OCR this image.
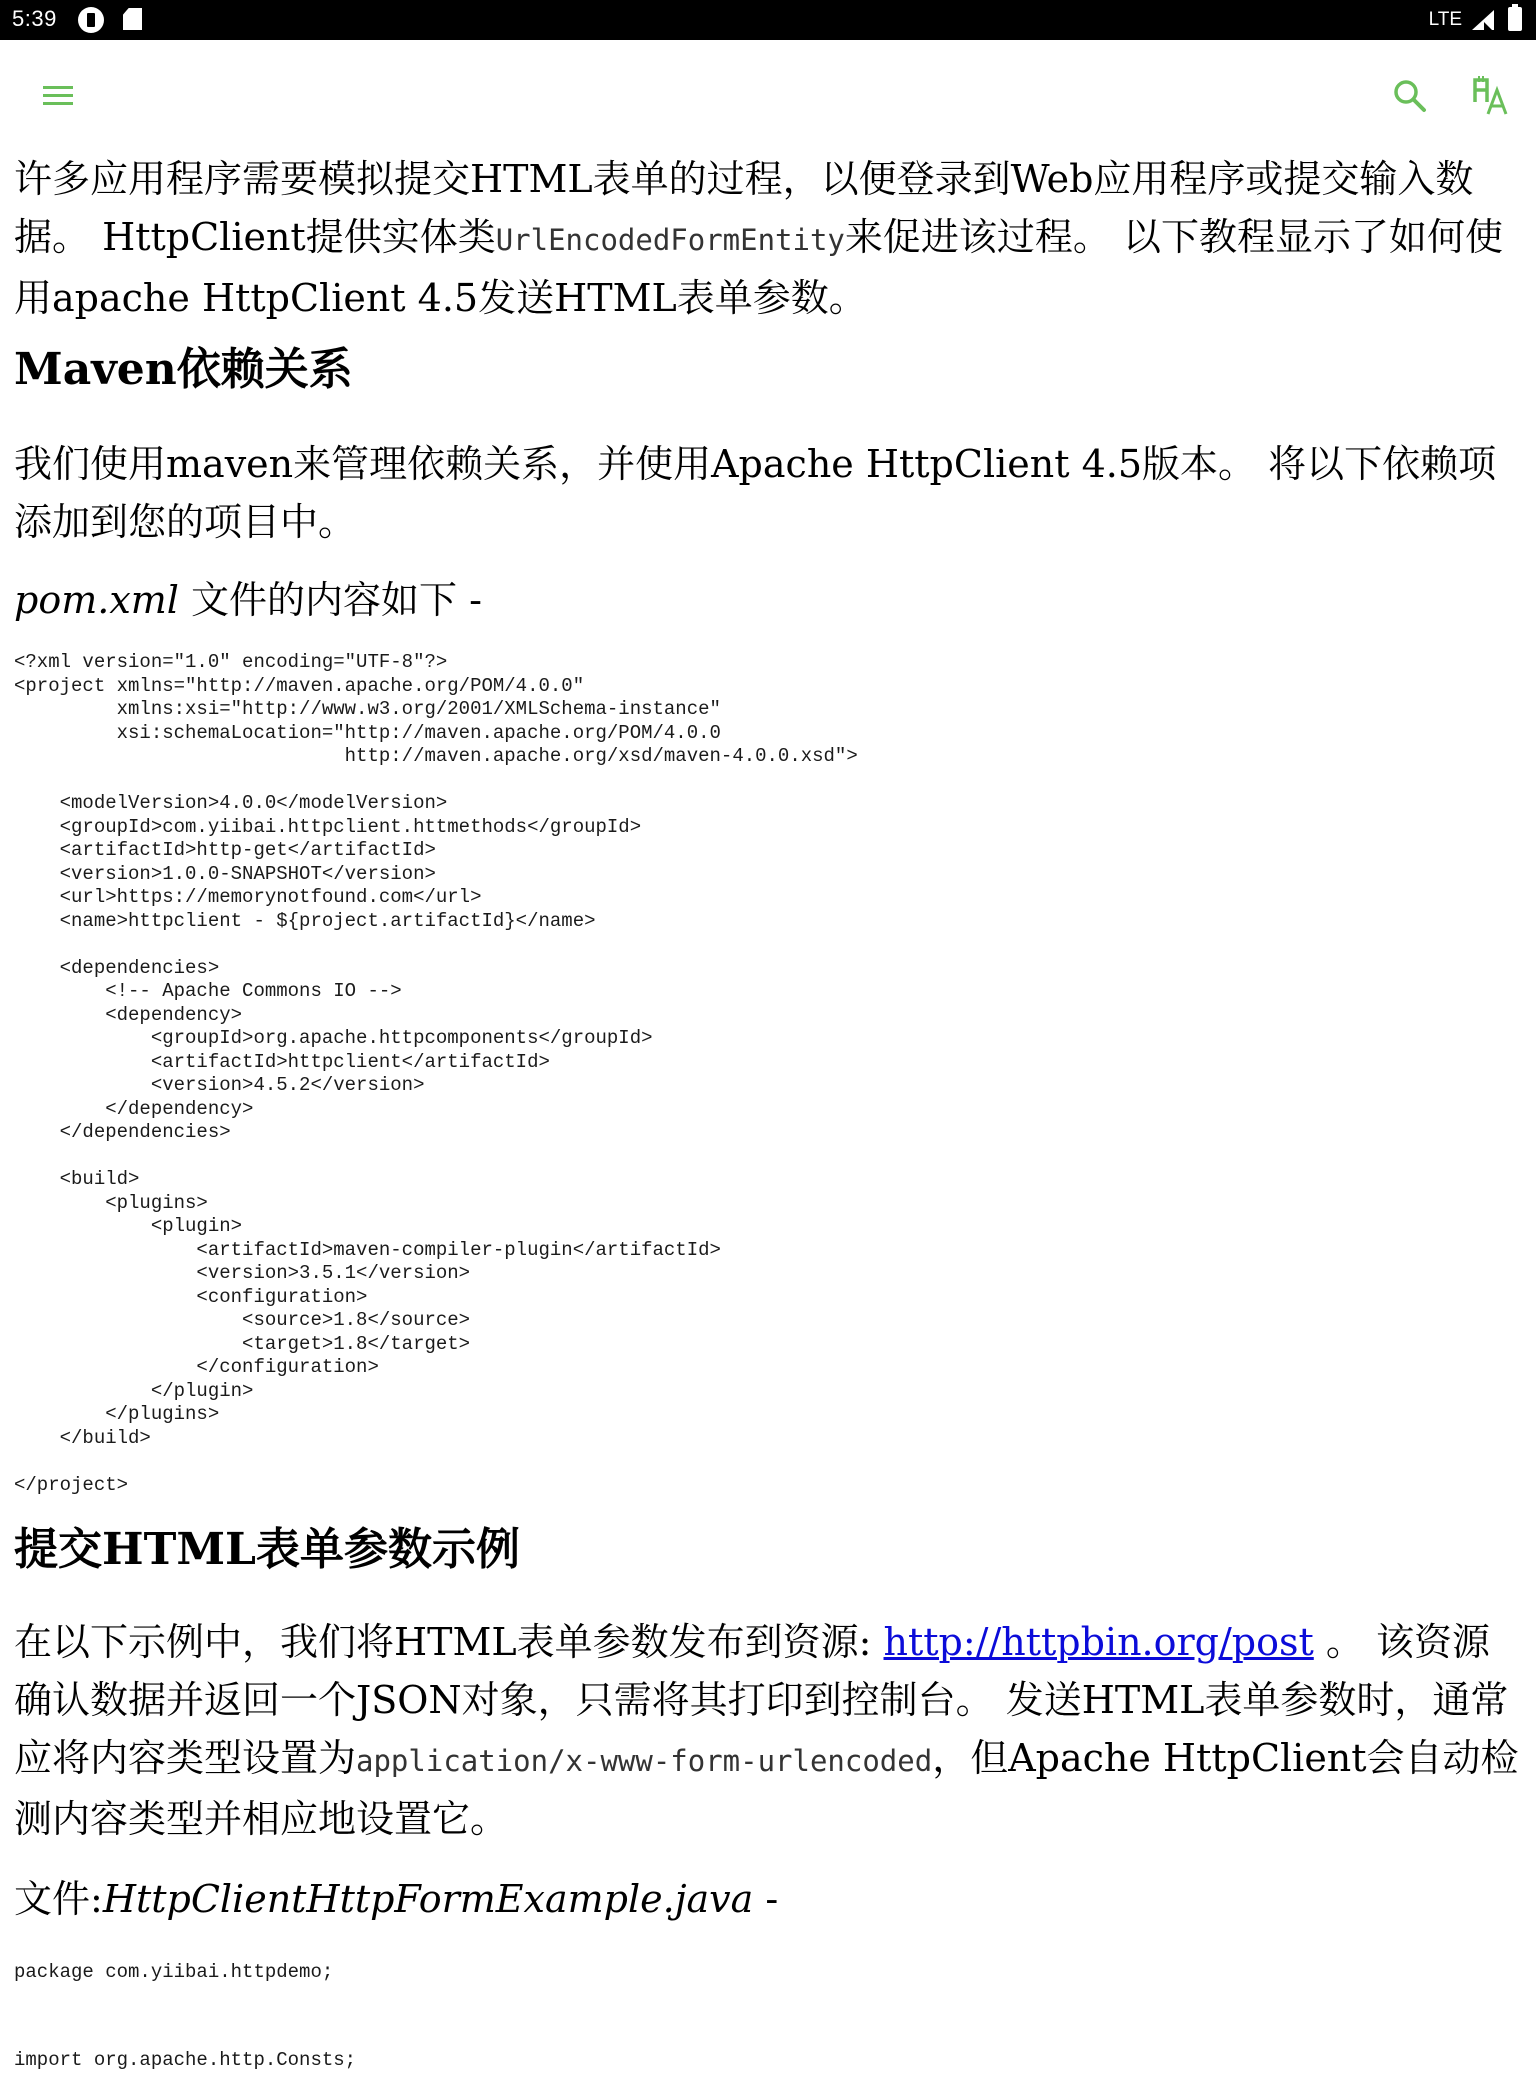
5:39	LTE

许多应用程序需要模拟提交HTML表单的过程，以便登录到Web应用程序或提交输入数据。 HttpClient提供实体类UrlEncodedFormEntity来促进该过程。 以下教程显示了如何使用apache HttpClient 4.5发送HTML表单参数。

Maven依赖关系

我们使用maven来管理依赖关系，并使用Apache HttpClient 4.5版本。 将以下依赖项添加到您的项目中。

pom.xml 文件的内容如下 -

<?xml version="1.0" encoding="UTF-8"?>
<project xmlns="http://maven.apache.org/POM/4.0.0"
xmlns:xsi="http://www.w3.org/2001/XMLSchema-instance"
xsi:schemaLocation="http://maven.apache.org/POM/4.0.0
http://maven.apache.org/xsd/maven-4.0.0.xsd">

<modelVersion>4.0.0</modelVersion>
<groupId>com.yiibai.httpclient.httmethods</groupId>
<artifactId>http-get</artifactId>
<version>1.0.0-SNAPSHOT</version>
<url>https://memorynotfound.com</url>
<name>httpclient - ${project.artifactId}</name>

<dependencies>
<!-- Apache Commons IO -->
<dependency>
<groupId>org.apache.httpcomponents</groupId>
<artifactId>httpclient</artifactId>
<version>4.5.2</version>
</dependency>
</dependencies>

<build>
<plugins>
<plugin>
<artifactId>maven-compiler-plugin</artifactId>
<version>3.5.1</version>
<configuration>
<source>1.8</source>
<target>1.8</target>
</configuration>
</plugin>
</plugins>
</build>

</project>
提交HTML表单参数示例

在以下示例中，我们将HTML表单参数发布到资源: http://httpbin.org/post 。 该资源确认数据并返回一个JSON对象，只需将其打印到控制台。 发送HTML表单参数时，通常应将内容类型设置为application/x-www-form-urlencoded，但Apache HttpClient会自动检测内容类型并相应地设置它。

文件:HttpClientHttpFormExample.java -

package com.yiibai.httpdemo;

import org.apache.http.Consts;
